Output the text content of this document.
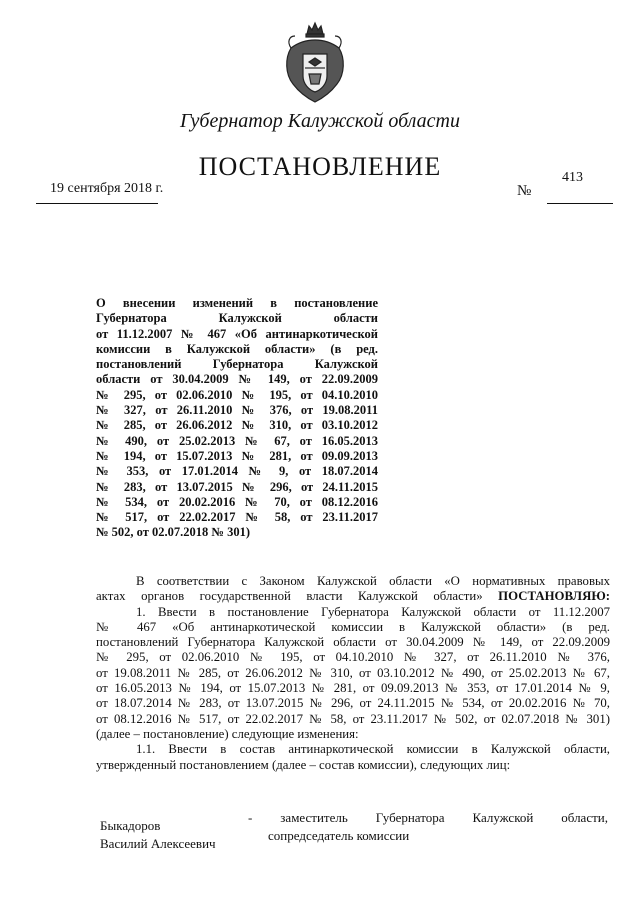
Губернатор Калужской области
ПОСТАНОВЛЕНИЕ
19 сентября 2018 г.	№
413
О внесении изменений в постановление
Губернатора Калужской области
от 11.12.2007 № 467 «Об антинаркотической
комиссии в Калужской области» (в ред.
постановлений Губернатора Калужской
области от 30.04.2009 № 149, от 22.09.2009
№ 295, от 02.06.2010 № 195, от 04.10.2010
№ 327, от 26.11.2010 № 376, от 19.08.2011
№ 285, от 26.06.2012 № 310, от 03.10.2012
№ 490, от 25.02.2013 № 67, от 16.05.2013
№ 194, от 15.07.2013 № 281, от 09.09.2013
№ 353, от 17.01.2014 № 9, от 18.07.2014
№ 283, от 13.07.2015 № 296, от 24.11.2015
№ 534, от 20.02.2016 № 70, от 08.12.2016
№ 517, от 22.02.2017 № 58, от 23.11.2017
№ 502, от 02.07.2018 № 301)
В соответствии с Законом Калужской области «О нормативных правовых
актах органов государственной власти Калужской области» ПОСТАНОВЛЯЮ:
1. Ввести в постановление Губернатора Калужской области от 11.12.2007
№ 467 «Об антинаркотической комиссии в Калужской области» (в ред.
постановлений Губернатора Калужской области от 30.04.2009 № 149, от 22.09.2009
№ 295, от 02.06.2010 № 195, от 04.10.2010 № 327, от 26.11.2010 № 376,
от 19.08.2011 № 285, от 26.06.2012 № 310, от 03.10.2012 № 490, от 25.02.2013 № 67,
от 16.05.2013 № 194, от 15.07.2013 № 281, от 09.09.2013 № 353, от 17.01.2014 № 9,
от 18.07.2014 № 283, от 13.07.2015 № 296, от 24.11.2015 № 534, от 20.02.2016 № 70,
от 08.12.2016 № 517, от 22.02.2017 № 58, от 23.11.2017 № 502, от 02.07.2018 № 301)
(далее – постановление) следующие изменения:
1.1. Ввести в состав антинаркотической комиссии в Калужской области,
утвержденный постановлением (далее – состав комиссии), следующих лиц:
Быкадоров
Василий Алексеевич
- заместитель Губернатора Калужской области,
сопредседатель комиссии
